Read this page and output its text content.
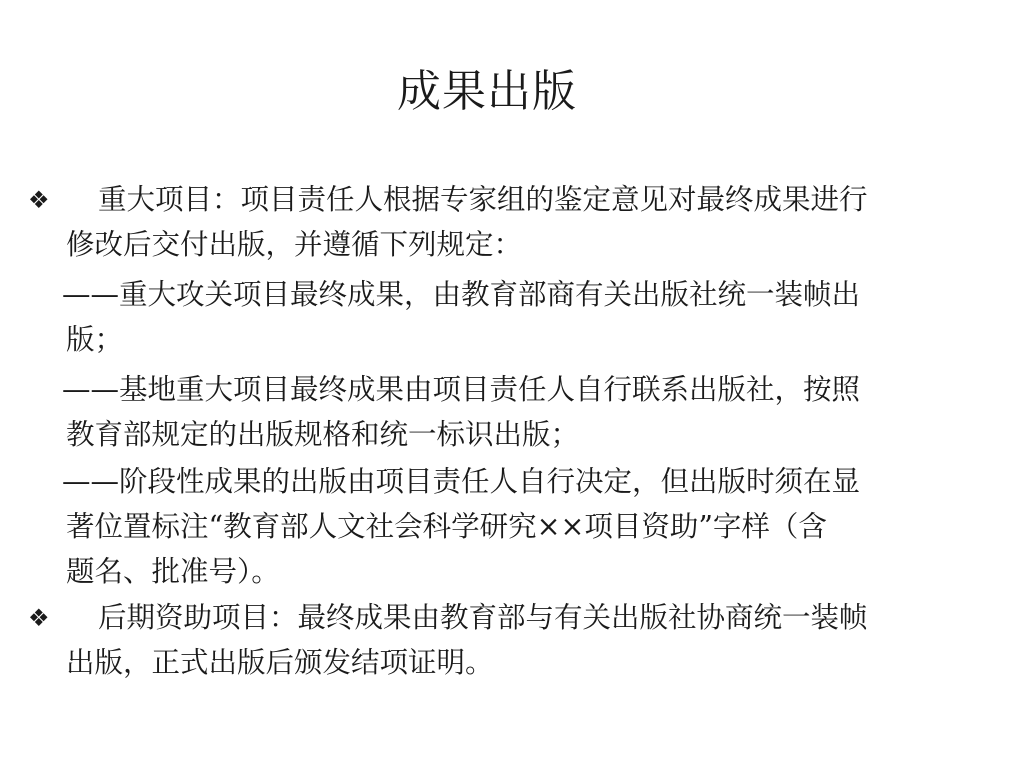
成果出版
❖ 重大项目：项目责任人根据专家组的鉴定意见对最终成果进行
修改后交付出版，并遵循下列规定：
——重大攻关项目最终成果，由教育部商有关出版社统一装帧出
版；
——基地重大项目最终成果由项目责任人自行联系出版社，按照
教育部规定的出版规格和统一标识出版；
——阶段性成果的出版由项目责任人自行决定，但出版时须在显
著位置标注“教育部人文社会科学研究××项目资助”字样（含
题名、批准号）。
❖ 后期资助项目：最终成果由教育部与有关出版社协商统一装帧
出版，正式出版后颁发结项证明。
